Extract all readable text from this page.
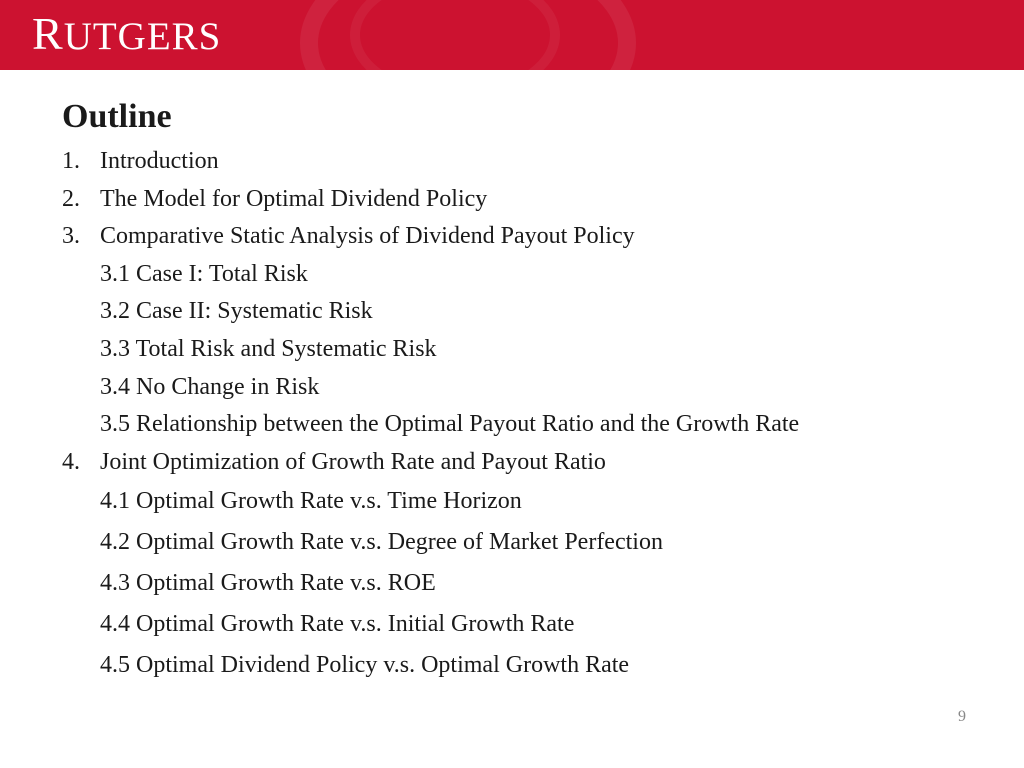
RUTGERS
Outline
1. Introduction
2. The Model for Optimal Dividend Policy
3. Comparative Static Analysis of Dividend Payout Policy
3.1 Case I: Total Risk
3.2 Case II: Systematic Risk
3.3 Total Risk and Systematic Risk
3.4 No Change in Risk
3.5 Relationship between the Optimal Payout Ratio and the Growth Rate
4. Joint Optimization of Growth Rate and Payout Ratio
4.1 Optimal Growth Rate v.s. Time Horizon
4.2 Optimal Growth Rate v.s. Degree of Market Perfection
4.3 Optimal Growth Rate v.s. ROE
4.4 Optimal Growth Rate v.s. Initial Growth Rate
4.5 Optimal Dividend Policy v.s. Optimal Growth Rate
9
